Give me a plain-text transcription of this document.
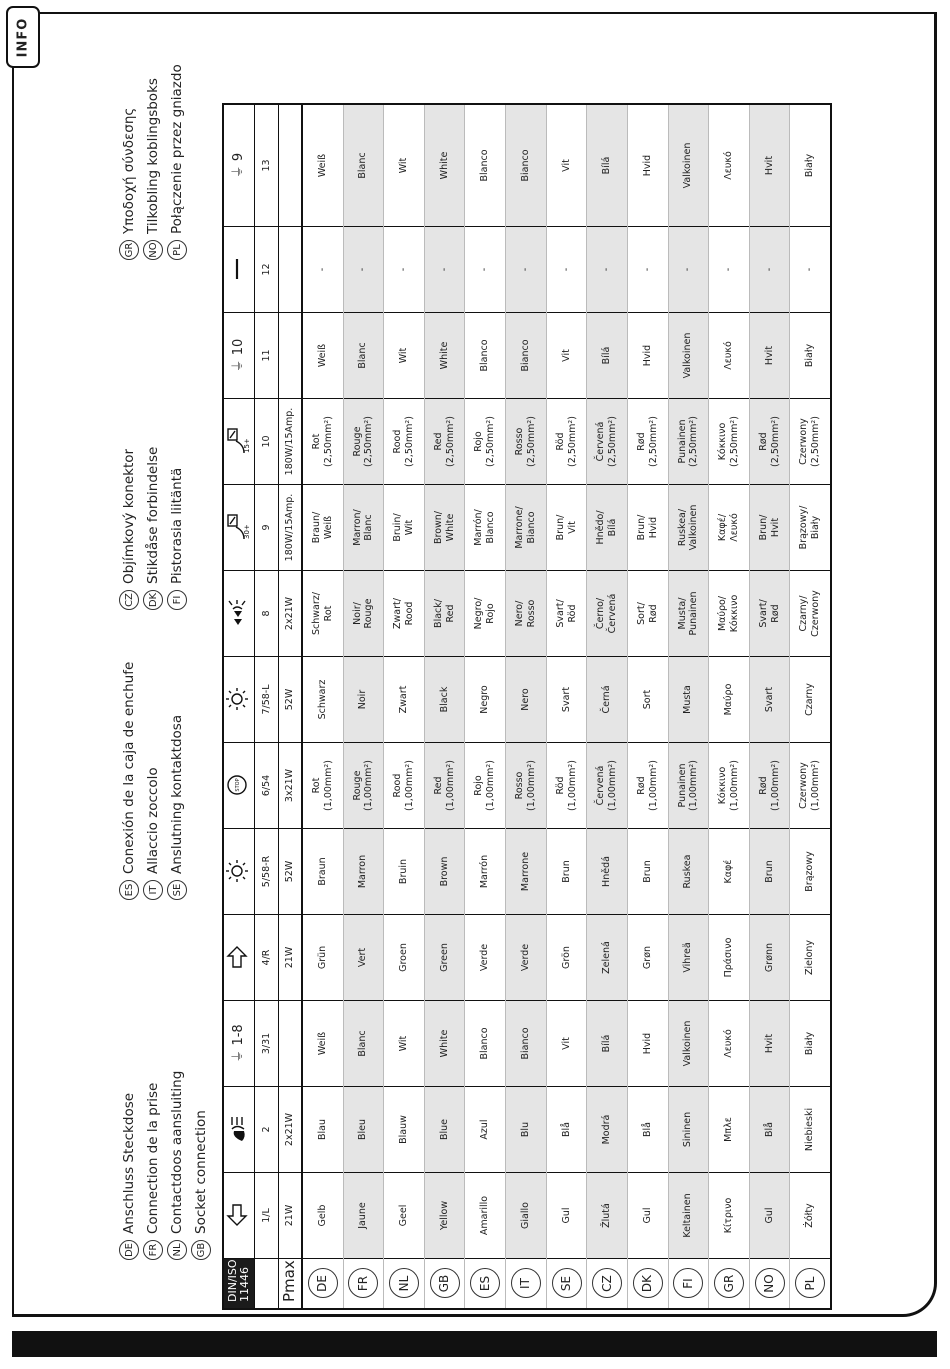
INFO
DE
Anschluss Steckdose
FR
Connection de la prise
NL
Contactdoos aansluiting
GB
Socket connection
ES
Conexión de la caja de enchufe
IT
Allaccio zoccolo
SE
Anslutning kontaktdosa
CZ
Objímkový konektor
DK
Stikdåse forbindelse
FI
Pistorasia liitäntä
GR
Υποδοχή σύνδεσης
NO
Tilkobling koblingsboks
PL
Połączenie przez gniazdo
DIN/ISO 11446
⏚ 1-8
STOP
30+
15+
⏚ 10
⏚ 9
1/L
2
3/31
4/R
5/58-R
6/54
7/58-L
8
9
10
11
12
13
Pmax
21W
2x21W
21W
52W
3x21W
52W
2x21W
180W/15Amp.
180W/15Amp.
DE
Gelb
Blau
Weiß
Grün
Braun
Rot
(1,00mm²)
Schwarz
Schwarz/
Rot
Braun/
Weiß
Rot
(2,50mm²)
Weiß
-
Weiß
FR
Jaune
Bleu
Blanc
Vert
Marron
Rouge
(1,00mm²)
Noir
Noir/
Rouge
Marron/
Blanc
Rouge
(2,50mm²)
Blanc
-
Blanc
NL
Geel
Blauw
Wit
Groen
Bruin
Rood
(1,00mm²)
Zwart
Zwart/
Rood
Bruin/
Wit
Rood
(2,50mm²)
Wit
-
Wit
GB
Yellow
Blue
White
Green
Brown
Red
(1,00mm²)
Black
Black/
Red
Brown/
White
Red
(2,50mm²)
White
-
White
ES
Amarillo
Azul
Blanco
Verde
Marrón
Rojo
(1,00mm²)
Negro
Negro/
Rojo
Marrón/
Blanco
Rojo
(2,50mm²)
Blanco
-
Blanco
IT
Giallo
Blu
Bianco
Verde
Marrone
Rosso
(1,00mm²)
Nero
Nero/
Rosso
Marrone/
Bianco
Rosso
(2,50mm²)
Bianco
-
Bianco
SE
Gul
Blå
Vit
Grön
Brun
Röd
(1,00mm²)
Svart
Svart/
Röd
Brun/
Vit
Röd
(2,50mm²)
Vit
-
Vit
CZ
Žlutá
Modrá
Bílá
Zelená
Hnědá
Červená
(1,00mm²)
Černá
Černo/
Červená
Hnědo/
Bílá
Červená
(2,50mm²)
Bílá
-
Bílá
DK
Gul
Blå
Hvid
Grøn
Brun
Rød
(1,00mm²)
Sort
Sort/
Rød
Brun/
Hvid
Rød
(2,50mm²)
Hvid
-
Hvid
FI
Keltainen
Sininen
Valkoinen
Vihreä
Ruskea
Punainen
(1,00mm²)
Musta
Musta/
Punainen
Ruskea/
Valkoinen
Punainen
(2,50mm²)
Valkoinen
-
Valkoinen
GR
Κίτρινο
Μπλε
Λευκό
Πράσινο
Καφέ
Κόκκινο
(1,00mm²)
Μαύρο
Μαύρο/
Κόκκινο
Καφέ/
Λευκό
Κόκκινο
(2,50mm²)
Λευκό
-
Λευκό
NO
Gul
Blå
Hvit
Grønn
Brun
Rød
(1,00mm²)
Svart
Svart/
Rød
Brun/
Hvit
Rød
(2,50mm²)
Hvit
-
Hvit
PL
Żółty
Niebieski
Biały
Zielony
Brązowy
Czerwony
(1,00mm²)
Czarny
Czarny/
Czerwony
Brązowy/
Biały
Czerwony
(2,50mm²)
Biały
-
Biały
